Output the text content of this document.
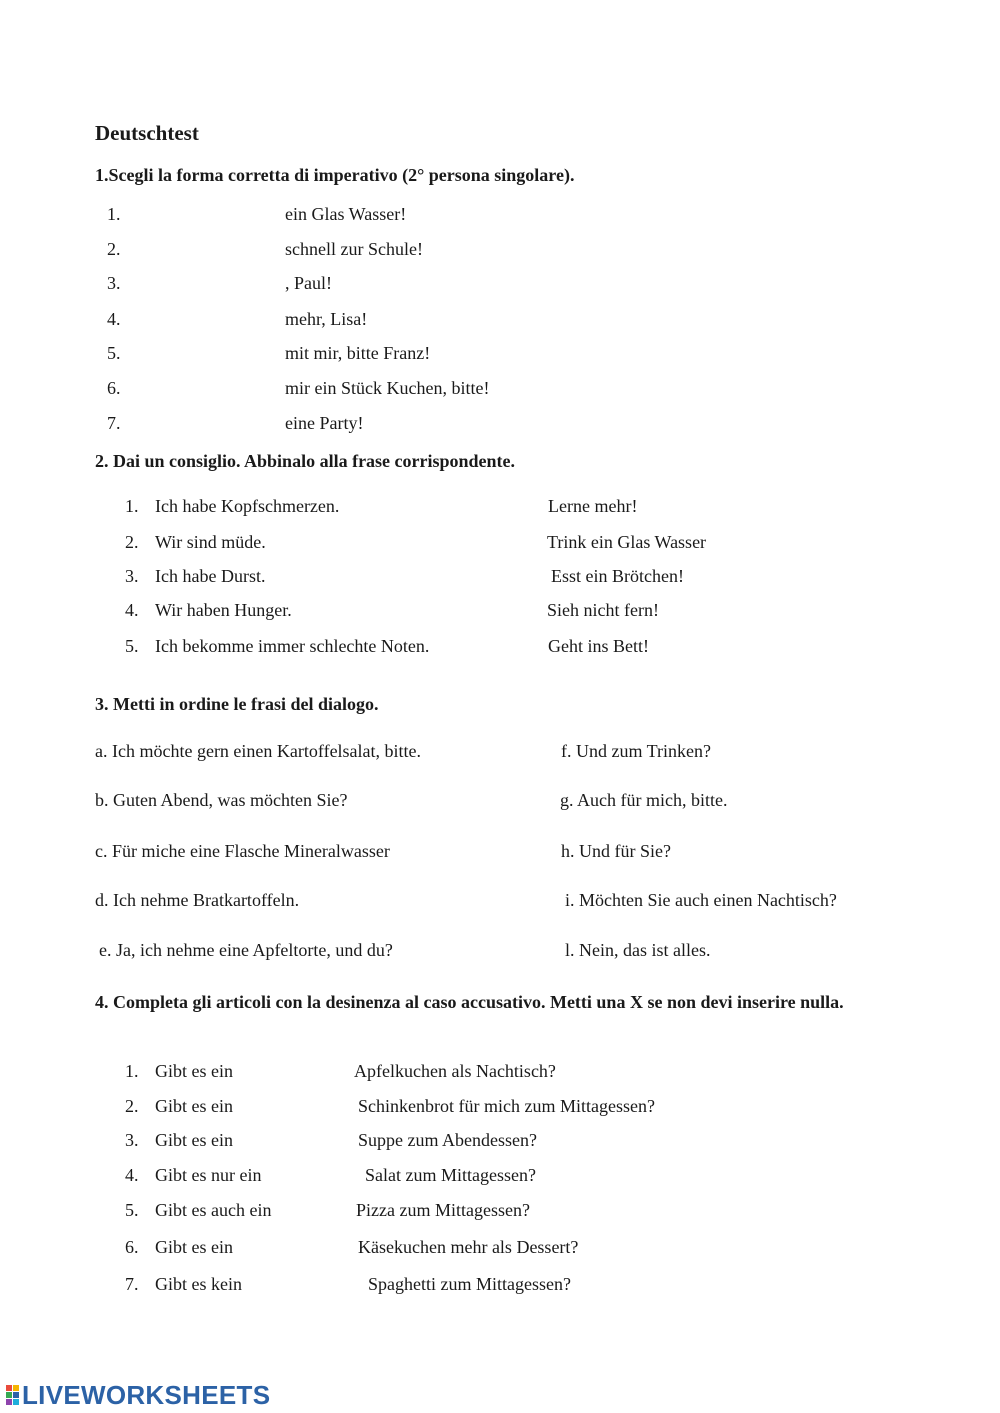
Deutschtest
1.Scegli la forma corretta di imperativo (2° persona singolare).
1.	ein Glas Wasser!
2.	schnell zur Schule!
3.	, Paul!
4.	mehr, Lisa!
5.	mit mir, bitte Franz!
6.	mir ein Stück Kuchen, bitte!
7.	eine Party!
2. Dai un consiglio. Abbinalo alla frase corrispondente.
1. Ich habe Kopfschmerzen.	Lerne mehr!
2. Wir sind müde.	Trink ein Glas Wasser
3. Ich habe Durst.	Esst ein Brötchen!
4. Wir haben Hunger.	Sieh nicht fern!
5. Ich bekomme immer schlechte Noten.	Geht ins Bett!
3. Metti in ordine le frasi del dialogo.
a. Ich möchte gern einen Kartoffelsalat, bitte.	f. Und zum Trinken?
b. Guten Abend, was möchten Sie?	g. Auch für mich, bitte.
c. Für miche eine Flasche Mineralwasser	h. Und für Sie?
d. Ich nehme Bratkartoffeln.	i. Möchten Sie auch einen Nachtisch?
e. Ja, ich nehme eine Apfeltorte, und du?	l. Nein, das ist alles.
4. Completa gli articoli con la desinenza al caso accusativo. Metti una X se non devi inserire nulla.
1. Gibt es ein	Apfelkuchen als Nachtisch?
2. Gibt es ein	Schinkenbrot für mich zum Mittagessen?
3. Gibt es ein	Suppe zum Abendessen?
4. Gibt es nur ein	Salat zum Mittagessen?
5. Gibt es auch ein	Pizza zum Mittagessen?
6. Gibt es ein	Käsekuchen mehr als Dessert?
7. Gibt es kein	Spaghetti zum Mittagessen?
LIVEWORKSHEETS
